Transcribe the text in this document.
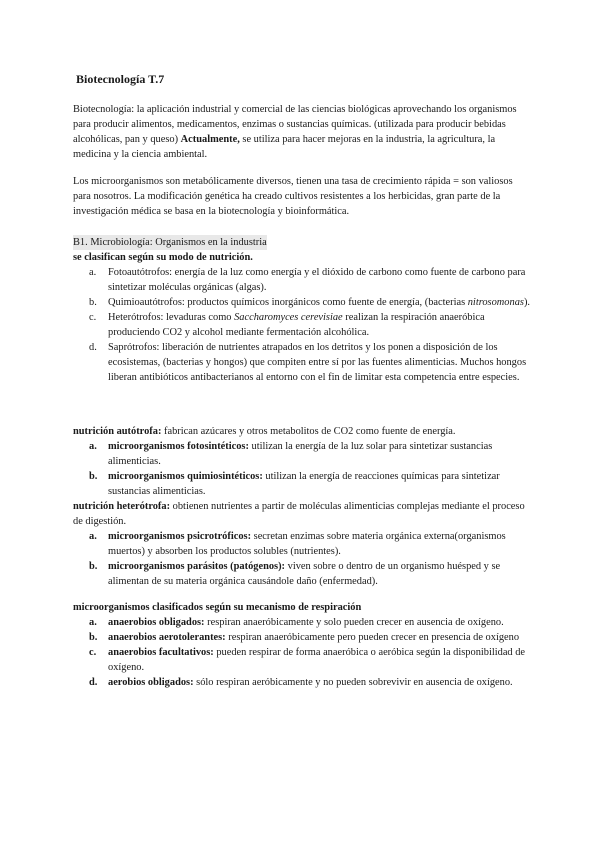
Biotecnología T.7

Biotecnología: la aplicación industrial y comercial de las ciencias biológicas aprovechando los organismos para producir alimentos, medicamentos, enzimas o sustancias químicas. (utilizada para producir bebidas alcohólicas, pan y queso) Actualmente, se utiliza para hacer mejoras en la industria, la agricultura, la medicina y la ciencia ambiental.

Los microorganismos son metabólicamente diversos, tienen una tasa de crecimiento rápida = son valiosos para nosotros. La modificación genética ha creado cultivos resistentes a los herbicidas, gran parte de la investigación médica se basa en la biotecnología y bioinformática.

B1. Microbiología: Organismos en la industria
se clasifican según su modo de nutrición.
a. Fotoautótrofos: energía de la luz como energía y el dióxido de carbono como fuente de carbono para sintetizar moléculas orgánicas (algas).
b. Quimioautótrofos: productos químicos inorgánicos como fuente de energía, (bacterias nitrosomonas).
c. Heterótrofos: levaduras como Saccharomyces cerevisiae realizan la respiración anaeróbica produciendo CO2 y alcohol mediante fermentación alcohólica.
d. Saprótrofos: liberación de nutrientes atrapados en los detritos y los ponen a disposición de los ecosistemas, (bacterias y hongos) que compiten entre sí por las fuentes alimenticias. Muchos hongos liberan antibióticos antibacterianos al entorno con el fin de limitar esta competencia entre especies.
nutrición autótrofa: fabrican azúcares y otros metabolitos de CO2 como fuente de energía.
a. microorganismos fotosintéticos: utilizan la energía de la luz solar para sintetizar sustancias alimenticias.
b. microorganismos quimiosintéticos: utilizan la energía de reacciones químicas para sintetizar sustancias alimenticias.
nutrición heterótrofa: obtienen nutrientes a partir de moléculas alimenticias complejas mediante el proceso de digestión.
a. microorganismos psicrotróficos: secretan enzimas sobre materia orgánica externa(organismos muertos) y absorben los productos solubles (nutrientes).
b. microorganismos parásitos (patógenos): viven sobre o dentro de un organismo huésped y se alimentan de su materia orgánica causándole daño (enfermedad).
microorganismos clasificados según su mecanismo de respiración
a. anaerobios obligados: respiran anaeróbicamente y solo pueden crecer en ausencia de oxígeno.
b. anaerobios aerotolerantes: respiran anaeróbicamente pero pueden crecer en presencia de oxígeno
c. anaerobios facultativos: pueden respirar de forma anaeróbica o aeróbica según la disponibilidad de oxígeno.
d. aerobios obligados: sólo respiran aeróbicamente y no pueden sobrevivir en ausencia de oxígeno.
